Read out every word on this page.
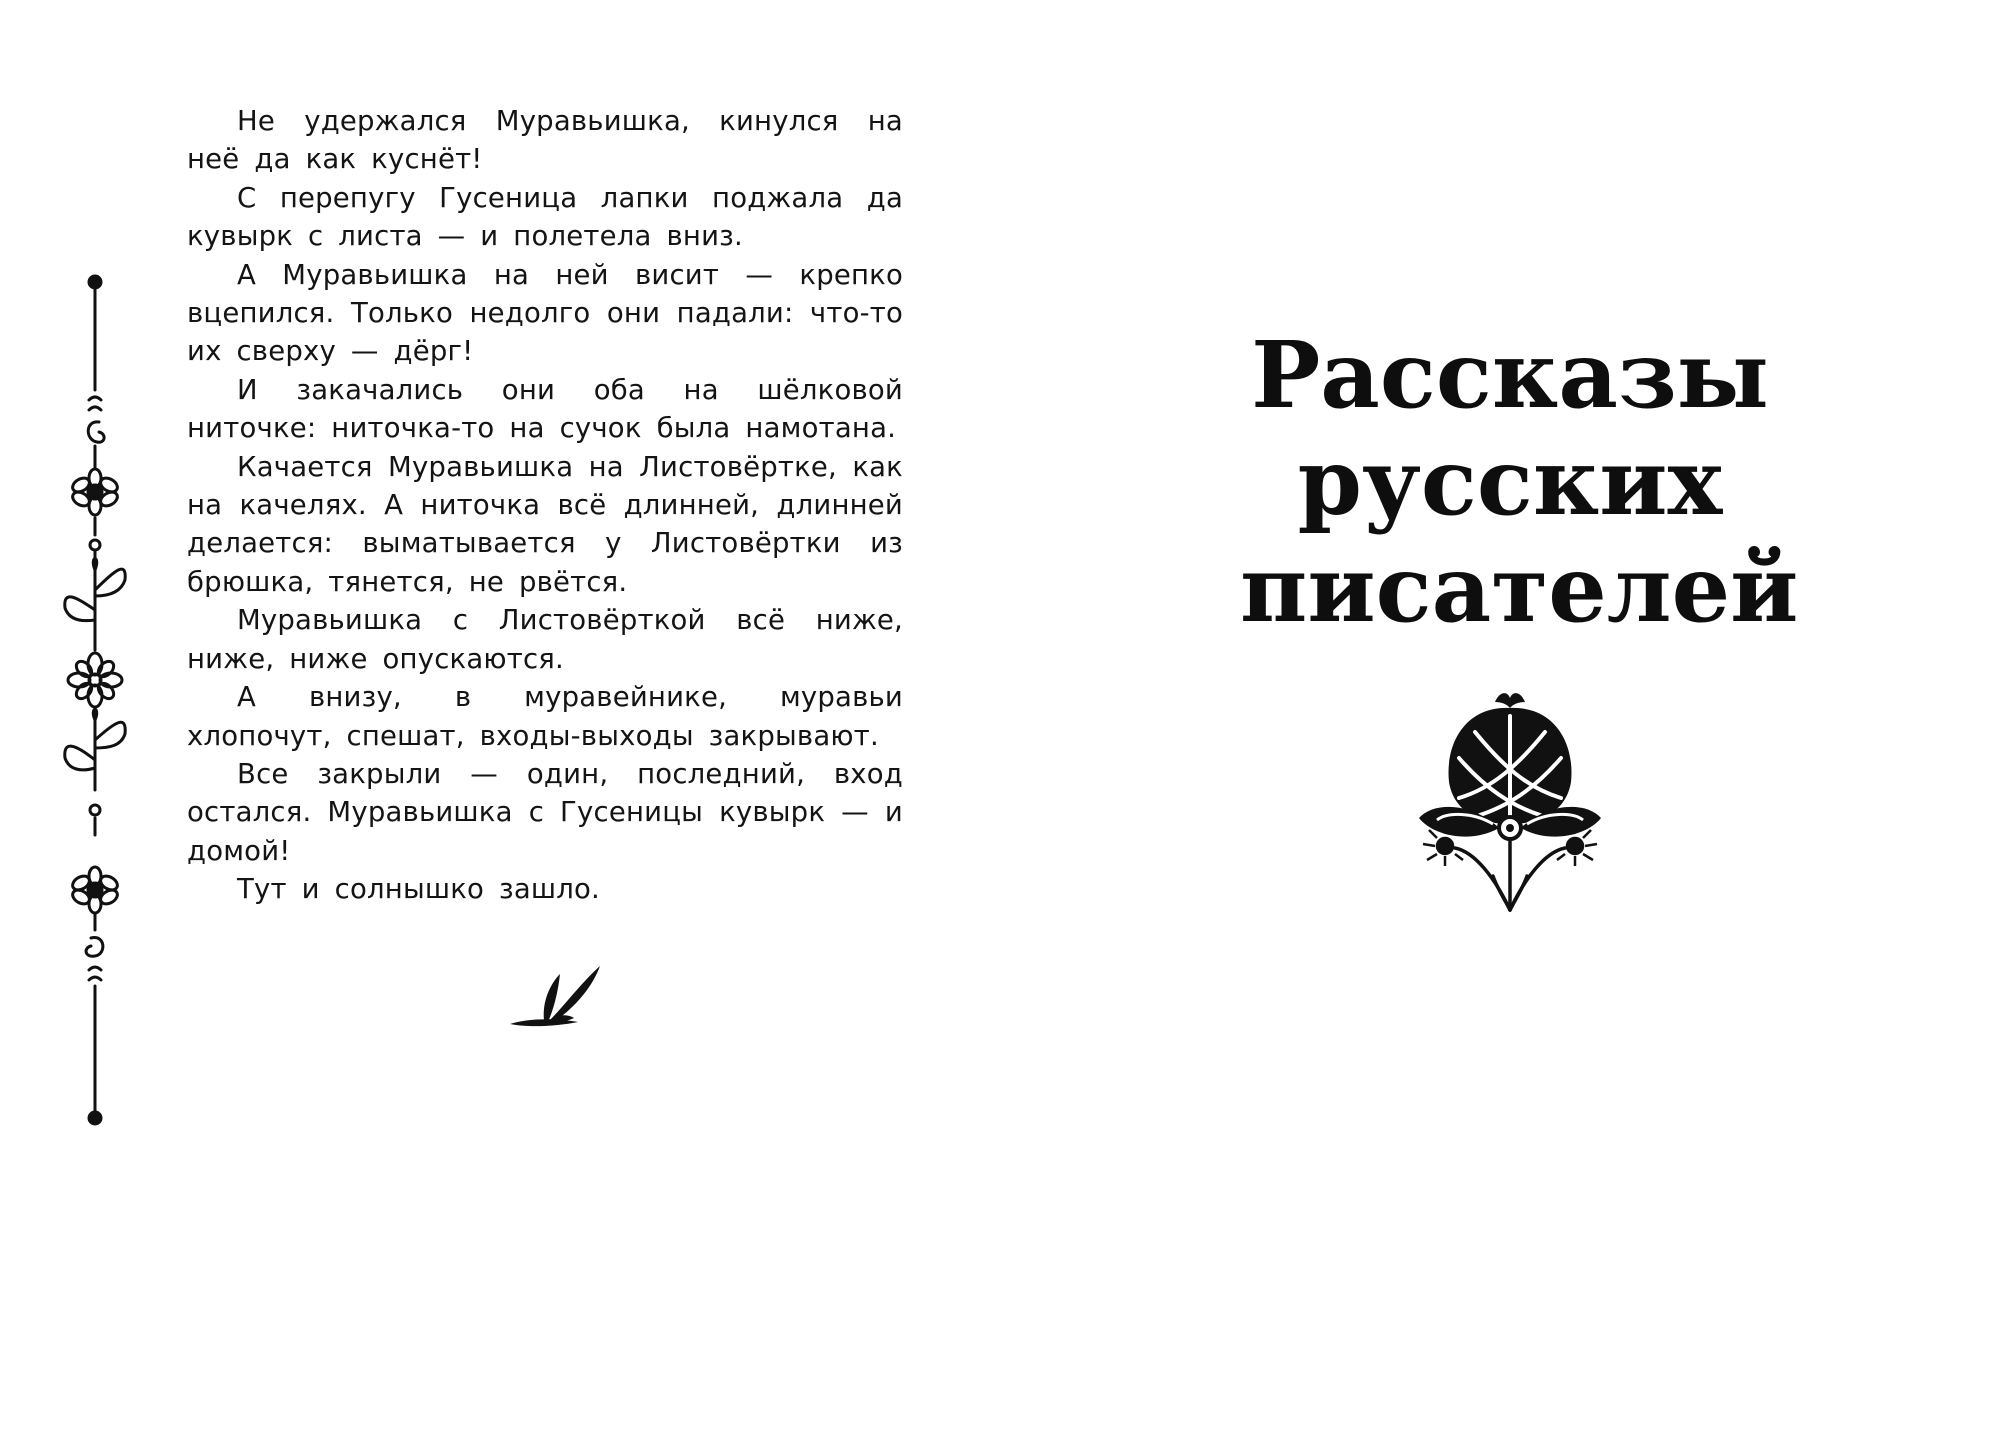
Не удержался Муравьишка, кинулся на неё да как куснёт!

С перепугу Гусеница лапки поджала да кувырк с листа — и полетела вниз.

А Муравьишка на ней висит — крепко вцепился. Только недолго они падали: что-то их сверху — дёрг!

И закачались они оба на шёлковой ниточке: ниточка-то на сучок была намотана.

Качается Муравьишка на Листовёртке, как на качелях. А ниточка всё длинней, длинней делается: выматывается у Листовёртки из брюшка, тянется, не рвётся.

Муравьишка с Листовёрткой всё ниже, ниже, ниже опускаются.

А внизу, в муравейнике, муравьи хлопочут, спешат, входы-выходы закрывают.

Все закрыли — один, последний, вход остался. Муравьишка с Гусеницы кувырк — и домой!

Тут и солнышко зашло.

Рассказы
русских
писателей
